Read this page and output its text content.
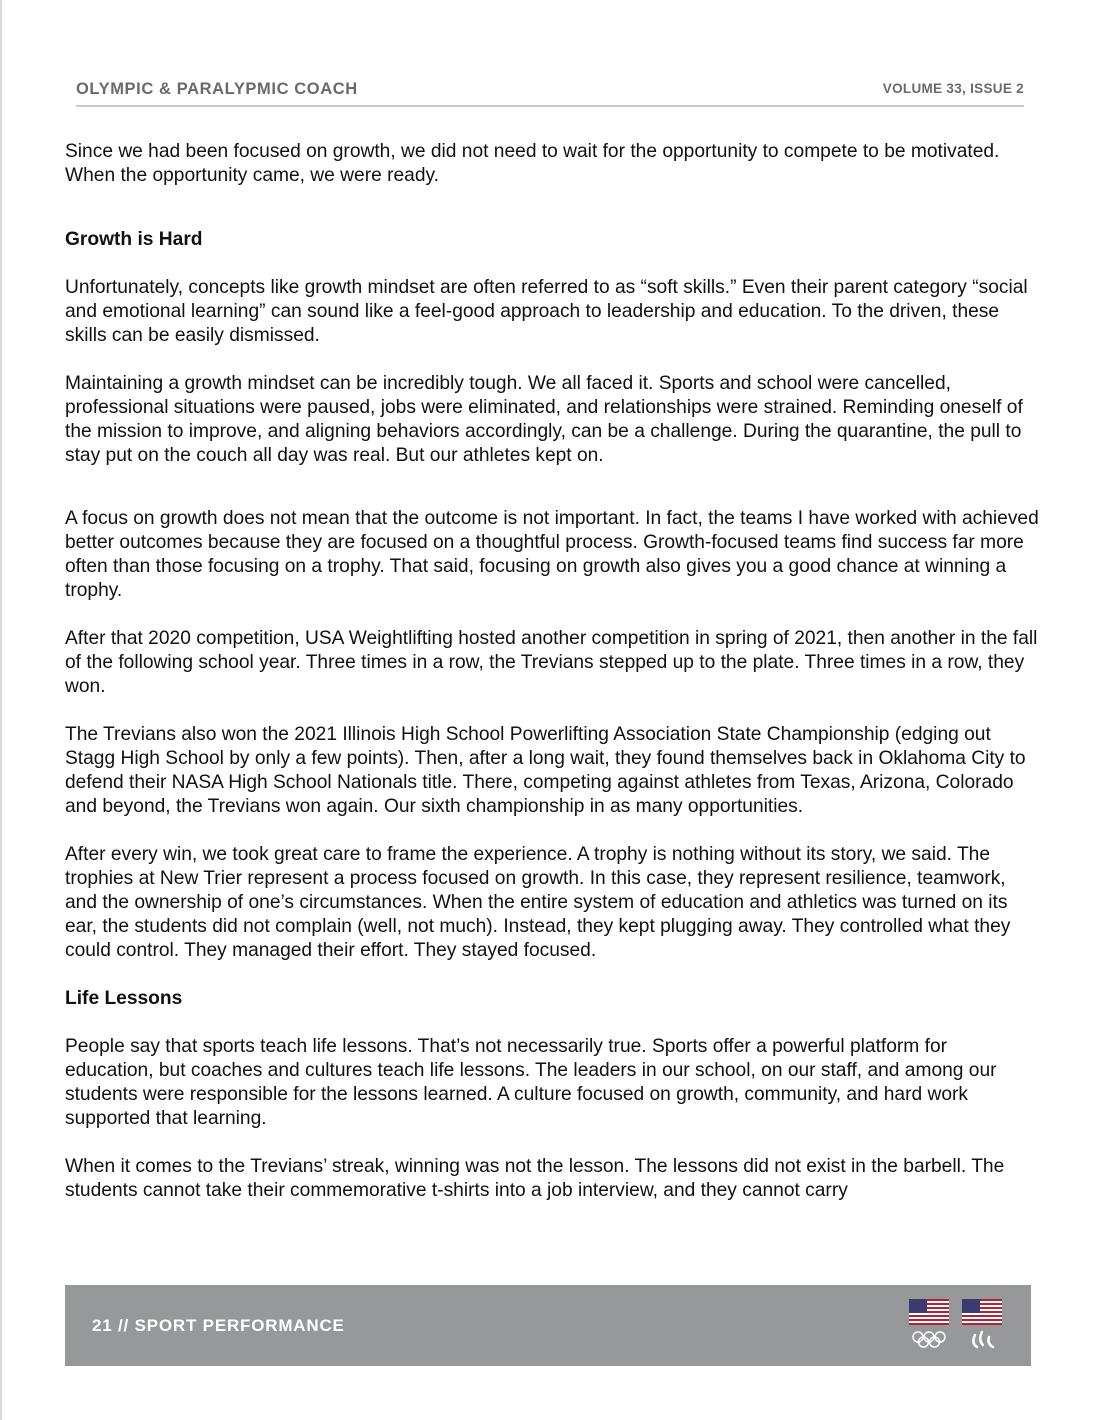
OLYMPIC & PARALYPMIC COACH	VOLUME 33, ISSUE 2

Since we had been focused on growth, we did not need to wait for the opportunity to compete to be motivated. When the opportunity came, we were ready.

Growth is Hard

Unfortunately, concepts like growth mindset are often referred to as “soft skills.” Even their parent category “social and emotional learning” can sound like a feel-good approach to leadership and education. To the driven, these skills can be easily dismissed.

Maintaining a growth mindset can be incredibly tough. We all faced it. Sports and school were cancelled, professional situations were paused, jobs were eliminated, and relationships were strained. Reminding oneself of the mission to improve, and aligning behaviors accordingly, can be a challenge. During the quarantine, the pull to stay put on the couch all day was real. But our athletes kept on.

A focus on growth does not mean that the outcome is not important. In fact, the teams I have worked with achieved better outcomes because they are focused on a thoughtful process. Growth-focused teams find success far more often than those focusing on a trophy. That said, focusing on growth also gives you a good chance at winning a trophy.

After that 2020 competition, USA Weightlifting hosted another competition in spring of 2021, then another in the fall of the following school year. Three times in a row, the Trevians stepped up to the plate. Three times in a row, they won.

The Trevians also won the 2021 Illinois High School Powerlifting Association State Championship (edging out Stagg High School by only a few points). Then, after a long wait, they found themselves back in Oklahoma City to defend their NASA High School Nationals title. There, competing against athletes from Texas, Arizona, Colorado and beyond, the Trevians won again. Our sixth championship in as many opportunities.

After every win, we took great care to frame the experience. A trophy is nothing without its story, we said. The trophies at New Trier represent a process focused on growth. In this case, they represent resilience, teamwork, and the ownership of one’s circumstances. When the entire system of education and athletics was turned on its ear, the students did not complain (well, not much). Instead, they kept plugging away. They controlled what they could control. They managed their effort. They stayed focused.

Life Lessons

People say that sports teach life lessons. That’s not necessarily true. Sports offer a powerful platform for education, but coaches and cultures teach life lessons. The leaders in our school, on our staff, and among our students were responsible for the lessons learned. A culture focused on growth, community, and hard work supported that learning.

When it comes to the Trevians’ streak, winning was not the lesson. The lessons did not exist in the barbell. The students cannot take their commemorative t-shirts into a job interview, and they cannot carry

21 // SPORT PERFORMANCE
